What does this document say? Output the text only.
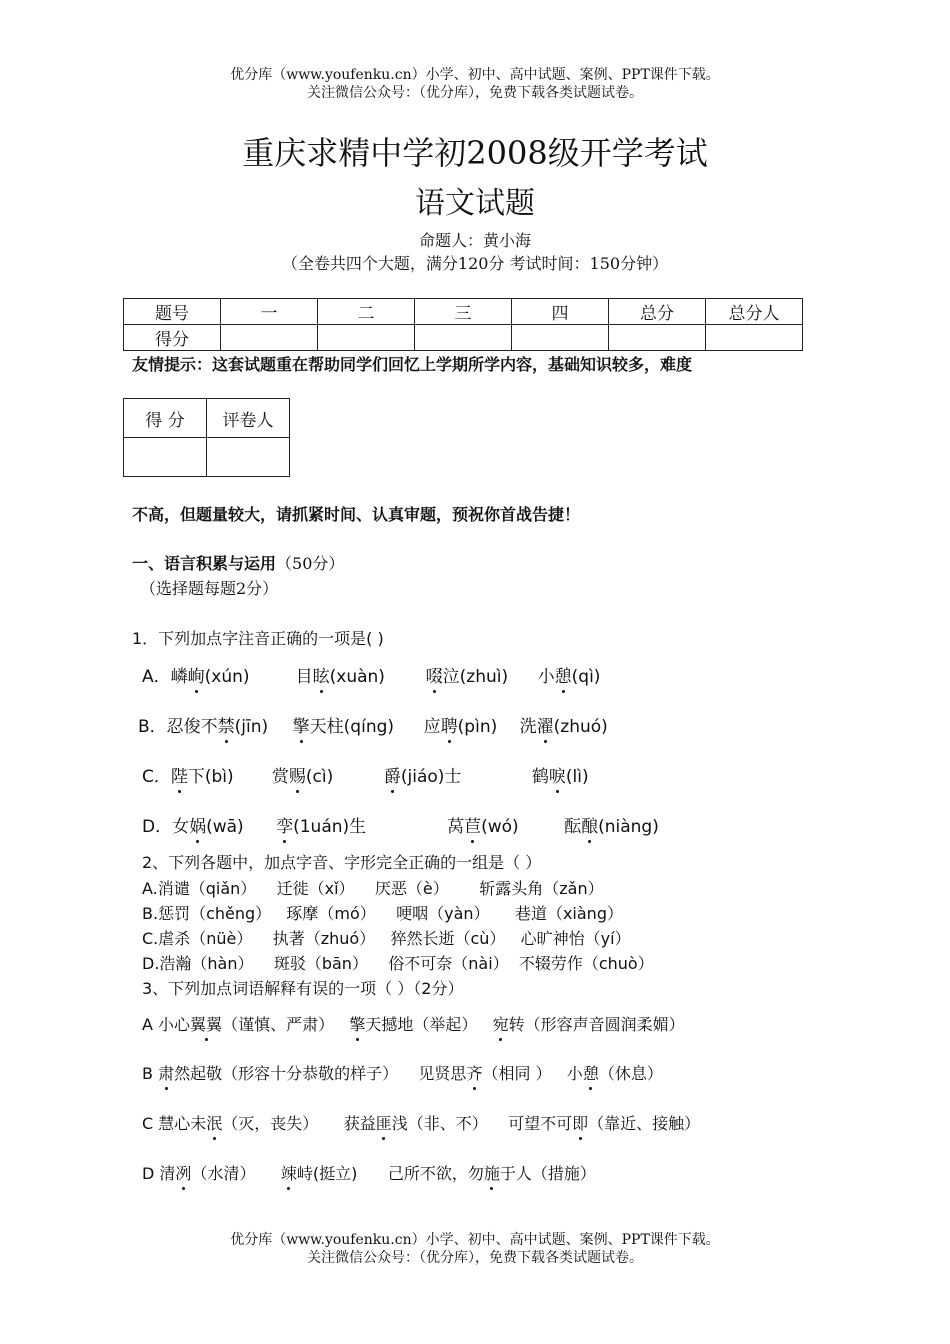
优分库（www.youfenku.cn）小学、初中、高中试题、案例、PPT课件下载。
关注微信公众号：（优分库），免费下载各类试题试卷。
重庆求精中学初2008级开学考试
语文试题
命题人：黄小海
（全卷共四个大题，满分120分 考试时间：150分钟）
题号	一	二	三	四	总分	总分人
得分						
友情提示：这套试题重在帮助同学们回忆上学期所学内容，基础知识较多，难度
得 分	评卷人

不高，但题量较大，请抓紧时间、认真审题，预祝你首战告捷！
一、语言积累与运用（50分）
（选择题每题2分）
1．下列加点字注音正确的一项是( )
A．嶙峋(xún)	目眩(xuàn) 啜泣(zhuì) 小憩(qì)
B．忍俊不禁(jīn) 擎天柱(qíng) 应聘(pìn) 洗濯(zhuó)
C．陛下(bì) 赏赐(cì)	爵(jiáo)士	鹤唳(lì)
D．女娲(wā) 孪(1uán)生	莴苣(wó)	酝酿(niàng)
2、下列各题中，加点字音、字形完全正确的一组是（ ）
A.消谴（qiǎn）    迁徙（xǐ）    厌恶（è）      斩露头角（zǎn）
B.惩罚（chěng）   琢摩（mó）    哽咽（yàn）     巷道（xiàng）
C.虐杀（nüè）    执著（zhuó）   猝然长逝（cù）   心旷神怡（yí）
D.浩瀚（hàn）    斑驳（bān）    俗不可奈（nài）  不辍劳作（chuò）
3、下列加点词语解释有误的一项（ ）（2分）
A 小心翼翼（谨慎、严肃）   擎天撼地（举起）   宛转（形容声音圆润柔媚）
B 肃然起敬（形容十分恭敬的样子）    见贤思齐（相同 ）   小憩（休息）
C 慧心未泯（灭，丧失）     获益匪浅（非、不）    可望不可即（靠近、接触）
D 清冽（水清）     竦峙(挺立)      己所不欲，勿施于人（措施）
优分库（www.youfenku.cn）小学、初中、高中试题、案例、PPT课件下载。
关注微信公众号：（优分库），免费下载各类试题试卷。
